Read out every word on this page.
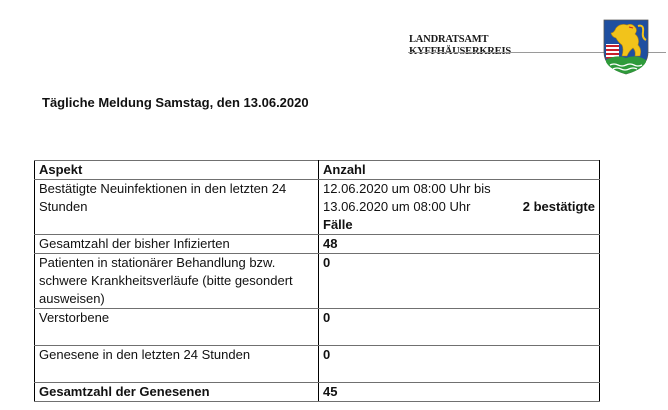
LANDRATSAMT
Tägliche Meldung Samstag, den 13.06.2020
Aspekt	Anzahl
Bestätigte Neuinfektionen in den letzten 24 Stunden	12.06.2020 um 08:00 Uhr bis
13.06.2020 um 08:00 Uhr 2 bestätigte
Fälle

Gesamtzahl der bisher Infizierten	48
Patienten in stationärer Behandlung bzw. schwere Krankheitsverläufe (bitte gesondert ausweisen)	0
Verstorbene	0
Genesene in den letzten 24 Stunden	0
Gesamtzahl der Genesenen	45
